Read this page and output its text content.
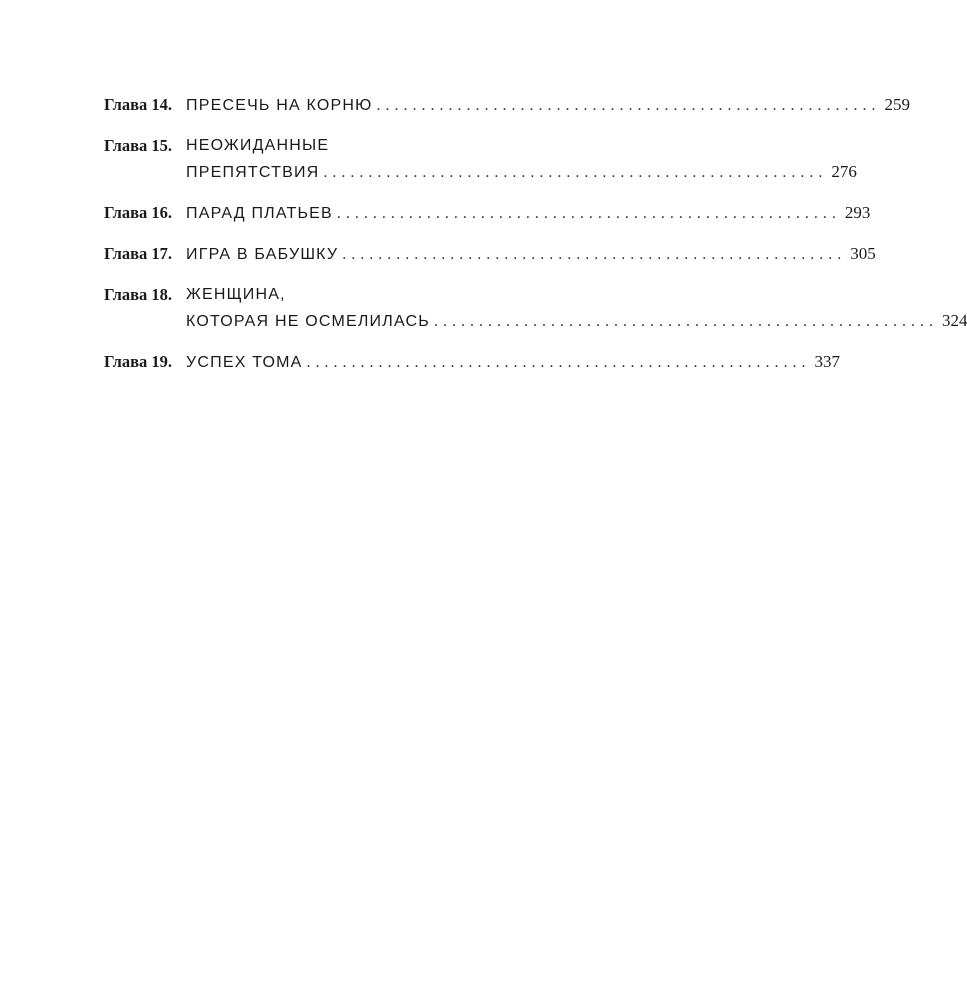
Глава 14. ПРЕСЕЧЬ НА КОРНЮ ........................................................ 259
Глава 15. НЕОЖИДАННЫЕ
ПРЕПЯТСТВИЯ ........................................................ 276
Глава 16. ПАРАД ПЛАТЬЕВ ........................................................ 293
Глава 17. ИГРА В БАБУШКУ ........................................................ 305
Глава 18. ЖЕНЩИНА,
КОТОРАЯ НЕ ОСМЕЛИЛАСЬ ........................................................ 324
Глава 19. УСПЕХ ТОМА ........................................................ 337
